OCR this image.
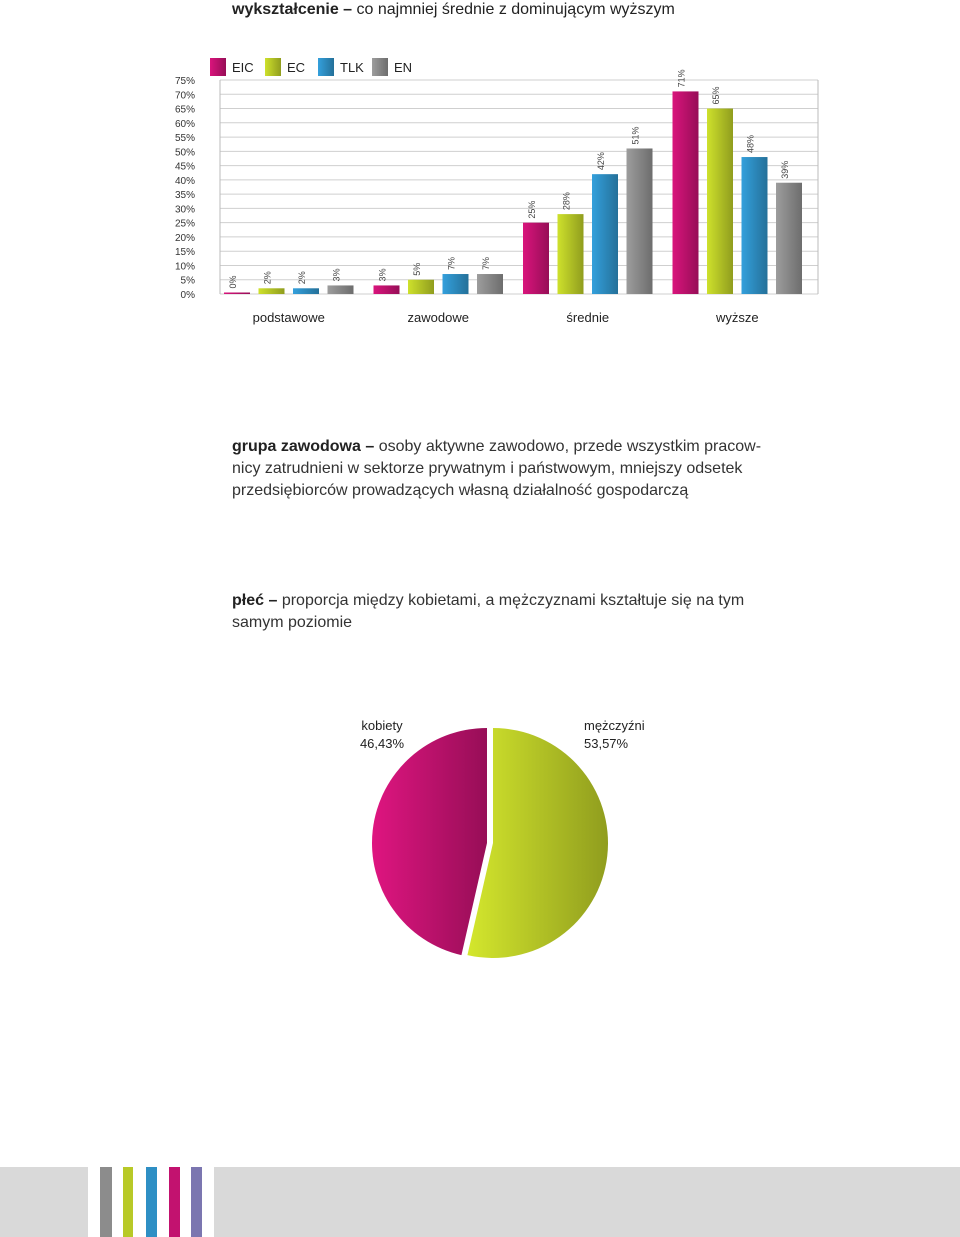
wykształcenie – co najmniej średnie z dominującym wyższym
0%
5%
10%
15%
20%
25%
30%
35%
40%
45%
50%
55%
60%
65%
70%
75%
EIC	EC	TLK EN
0%	2%	2%	3%
podstawowe
3%	5%	7%	7%
zawodowe
25%	28%
42%
51%
średnie
71%
65%
48%
39%
wyższe
grupa zawodowa – osoby aktywne zawodowo, przede wszystkim pracow-
nicy zatrudnieni w sektorze prywatnym i państwowym, mniejszy odsetek
przedsiębiorców prowadzących własną działalność gospodarczą
płeć – proporcja między kobietami, a mężczyznami kształtuje się na tym
samym poziomie
kobiety
46,43%
mężczyźni
53,57%
